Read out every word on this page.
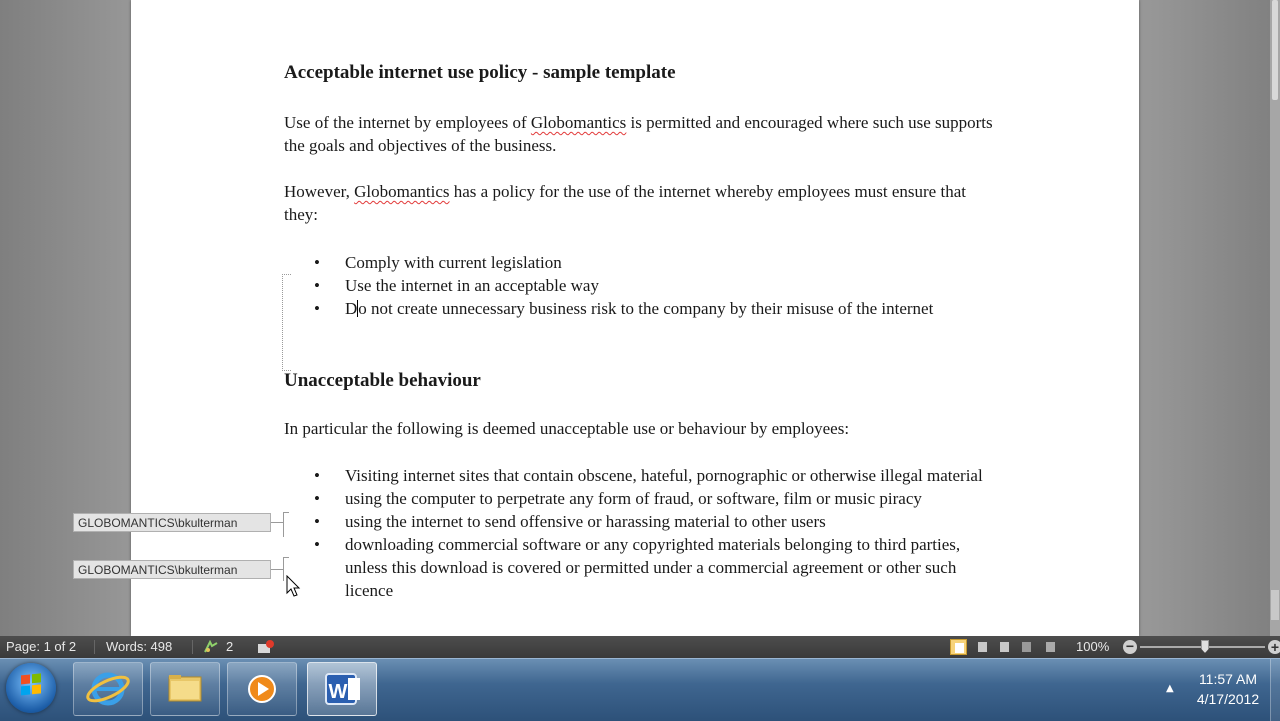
Acceptable internet use policy - sample template
Use of the internet by employees of Globomantics is permitted and encouraged where such use supports the goals and objectives of the business.
However, Globomantics has a policy for the use of the internet whereby employees must ensure that they:
• Comply with current legislation
• Use the internet in an acceptable way
• Do not create unnecessary business risk to the company by their misuse of the internet
Unacceptable behaviour
In particular the following is deemed unacceptable use or behaviour by employees:
• Visiting internet sites that contain obscene, hateful, pornographic or otherwise illegal material
• using the computer to perpetrate any form of fraud, or software, film or music piracy
• using the internet to send offensive or harassing material to other users
• downloading commercial software or any copyrighted materials belonging to third parties, unless this download is covered or permitted under a commercial agreement or other such licence
GLOBOMANTICS\bkulterman
GLOBOMANTICS\bkulterman
Page: 1 of 2 Words: 498	2	100% −	+
W	▲
11:57 AM
4/17/2012
